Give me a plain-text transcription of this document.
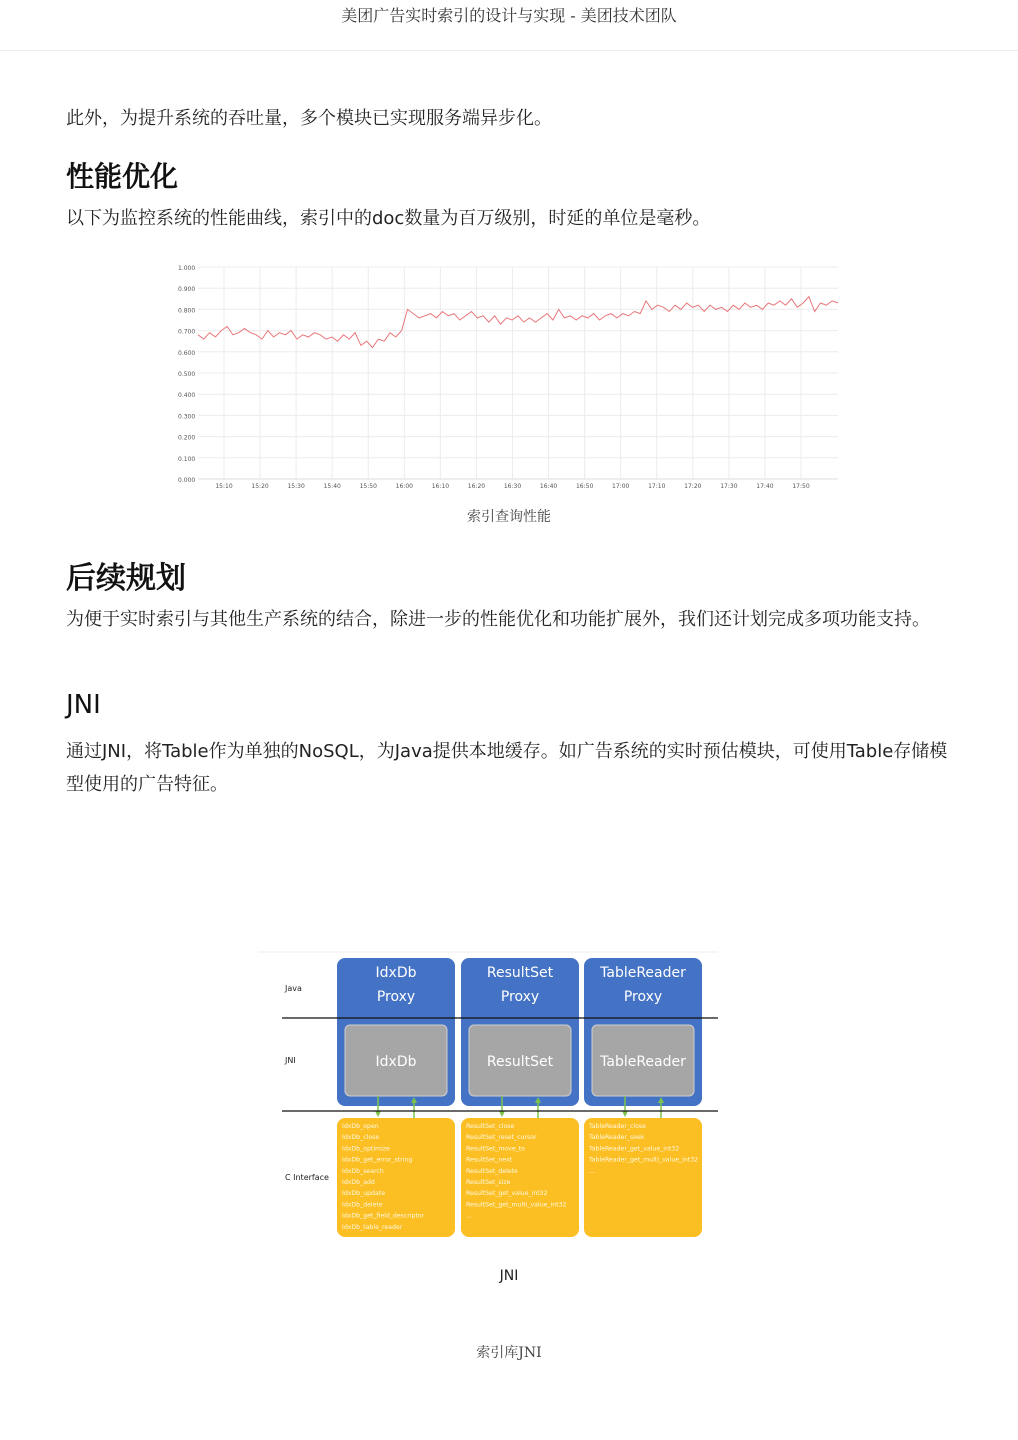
美团广告实时索引的设计与实现 - 美团技术团队

此外，为提升系统的吞吐量，多个模块已实现服务端异步化。

性能优化

以下为监控系统的性能曲线，索引中的doc数量为百万级别，时延的单位是毫秒。

1.000
0.900
0.800
0.700
0.600
0.500
0.400
0.300
0.200
0.100
0.000
15:10	15:20	15:30	15:40	15:50	16:00	16:10	16:20	16:30	16:40	16:50	17:00	17:10	17:20	17:30	17:40	17:50
索引查询性能
后续规划

为便于实时索引与其他生产系统的结合，除进一步的性能优化和功能扩展外，我们还计划完成多项功能支持。

JNI

通过JNI，将Table作为单独的NoSQL，为Java提供本地缓存。如广告系统的实时预估模块，可使用Table存储模型使用的广告特征。

Java
JNI
C Interface
IdxDb
Proxy
IdxDb
IdxDb_open
IdxDb_close
IdxDb_optimize
IdxDb_get_error_string
IdxDb_search
IdxDb_add
IdxDb_update
IdxDb_delete
IdxDb_get_field_descriptor
IdxDb_table_reader
ResultSet
Proxy
ResultSet
ResultSet_close
ResultSet_reset_cursor
ResultSet_move_to
ResultSet_next
ResultSet_delete
ResultSet_size
ResultSet_get_value_int32
ResultSet_get_multi_value_int32
...
TableReader
Proxy
TableReader
TableReader_close
TableReader_seek
TableReader_get_value_int32
TableReader_get_multi_value_int32
...
JNI
索引库JNI
